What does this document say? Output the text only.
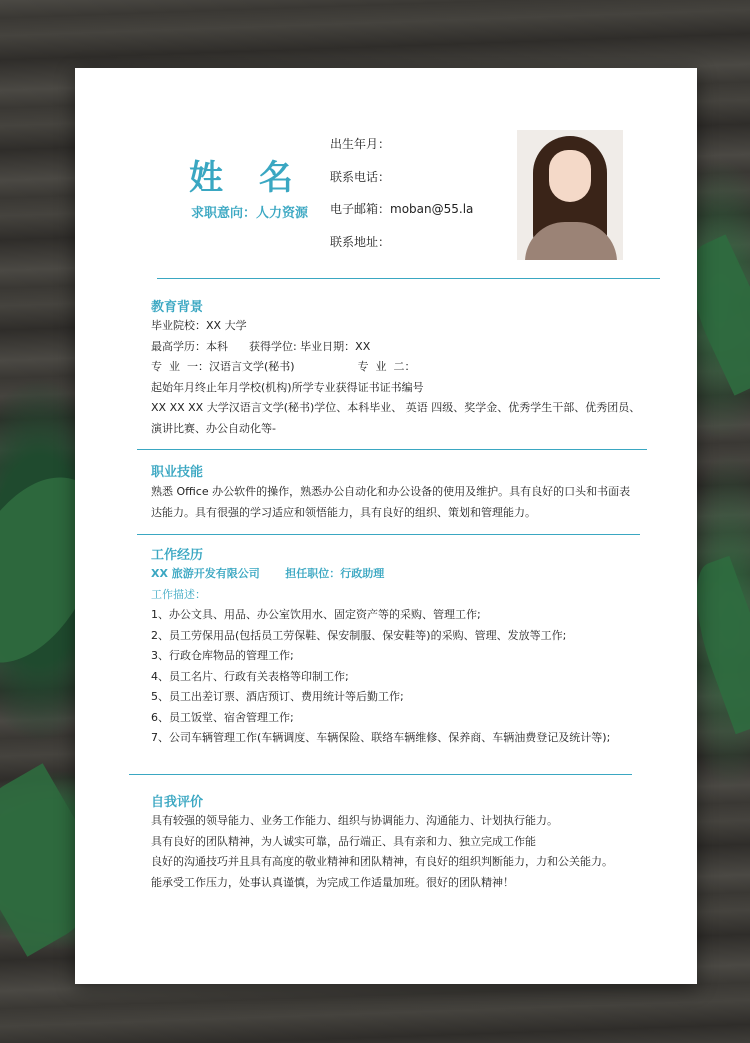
姓 名
求职意向：人力资源
出生年月：
联系电话：
电子邮箱：moban@55.la
联系地址：
教育背景
毕业院校：XX 大学
最高学历：本科      获得学位: 毕业日期：XX
专  业  一：汉语言文学(秘书)                  专  业  二：
起始年月终止年月学校(机构)所学专业获得证书证书编号
XX XX XX 大学汉语言文学(秘书)学位、本科毕业、 英语 四级、奖学金、优秀学生干部、优秀团员、
演讲比赛、办公自动化等-
职业技能
熟悉 Office 办公软件的操作，熟悉办公自动化和办公设备的使用及维护。具有良好的口头和书面表
达能力。具有很强的学习适应和领悟能力，具有良好的组织、策划和管理能力。
工作经历
XX 旅游开发有限公司 担任职位：行政助理
工作描述：
1、办公文具、用品、办公室饮用水、固定资产等的采购、管理工作;
2、员工劳保用品(包括员工劳保鞋、保安制服、保安鞋等)的采购、管理、发放等工作;
3、行政仓库物品的管理工作;
4、员工名片、行政有关表格等印制工作;
5、员工出差订票、酒店预订、费用统计等后勤工作;
6、员工饭堂、宿舍管理工作;
7、公司车辆管理工作(车辆调度、车辆保险、联络车辆维修、保养商、车辆油费登记及统计等);
自我评价
具有较强的领导能力、业务工作能力、组织与协调能力、沟通能力、计划执行能力。
具有良好的团队精神，为人诚实可靠，品行端正、具有亲和力、独立完成工作能
良好的沟通技巧并且具有高度的敬业精神和团队精神，有良好的组织判断能力，力和公关能力。
能承受工作压力，处事认真谨慎，为完成工作适量加班。很好的团队精神！
